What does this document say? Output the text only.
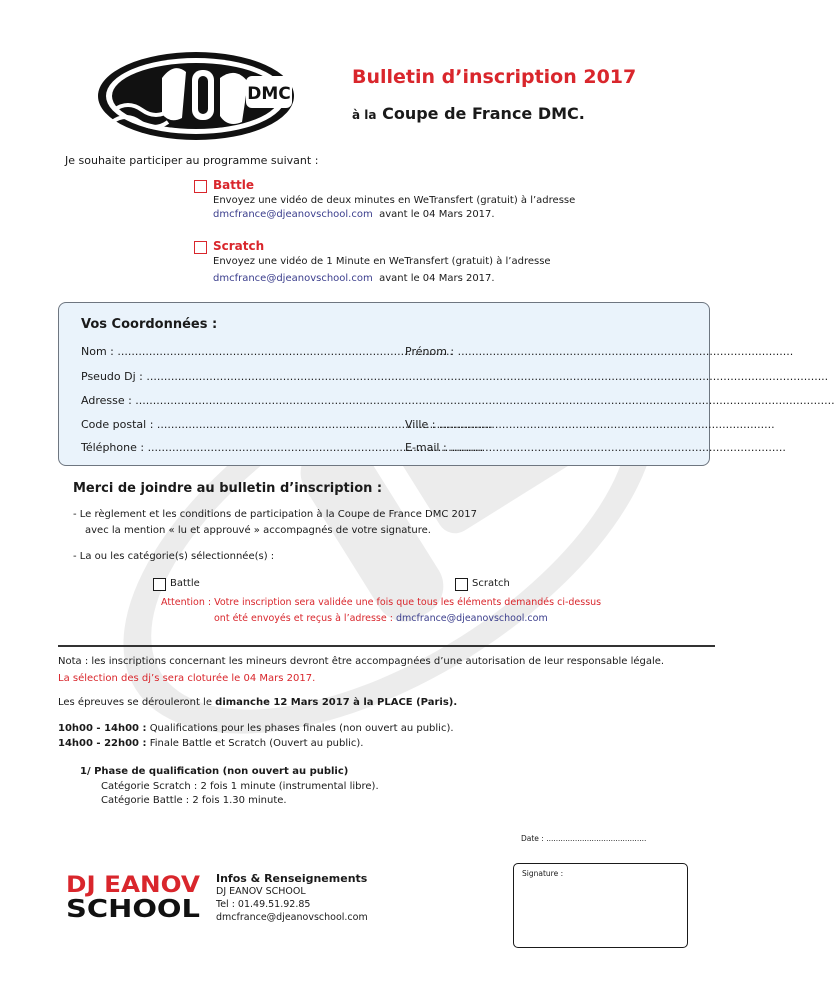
DMC
Bulletin d’inscription 2017
à la Coupe de France DMC.
Je souhaite participer au programme suivant :
Battle
Envoyez une vidéo de deux minutes en WeTransfert (gratuit) à l’adresse
dmcfrance@djeanovschool.com avant le 04 Mars 2017.
Scratch
Envoyez une vidéo de 1 Minute en WeTransfert (gratuit) à l’adresse
dmcfrance@djeanovschool.com avant le 04 Mars 2017.
Vos Coordonnées :
Nom : ................................................................................................
Prénom : ................................................................................................
Pseudo Dj : ...................................................................................................................................................................................................
Adresse : ........................................................................................................................................................................................................
Code postal : ................................................................................................
Ville : ................................................................................................
Téléphone : ................................................................................................
E-mail : ................................................................................................
Merci de joindre au bulletin d’inscription :
- Le règlement et les conditions de participation à la Coupe de France DMC 2017
avec la mention « lu et approuvé » accompagnés de votre signature.
- La ou les catégorie(s) sélectionnée(s) :
Battle	Scratch
Attention : Votre inscription sera validée une fois que tous les éléments demandés ci-dessus
ont été envoyés et reçus à l’adresse : dmcfrance@djeanovschool.com
Nota : les inscriptions concernant les mineurs devront être accompagnées d’une autorisation de leur responsable légale.
La sélection des dj’s sera cloturée le 04 Mars 2017.
Les épreuves se dérouleront le dimanche 12 Mars 2017 à la PLACE (Paris).
10h00 - 14h00 : Qualifications pour les phases finales (non ouvert au public).
14h00 - 22h00 : Finale Battle et Scratch (Ouvert au public).
1/ Phase de qualification (non ouvert au public)
Catégorie Scratch : 2 fois 1 minute (instrumental libre).
Catégorie Battle : 2 fois 1.30 minute.
Date : ..........................................
Signature :
DJ EANOV
SCHOOL
Infos & Renseignements
DJ EANOV SCHOOL
Tel : 01.49.51.92.85
dmcfrance@djeanovschool.com
